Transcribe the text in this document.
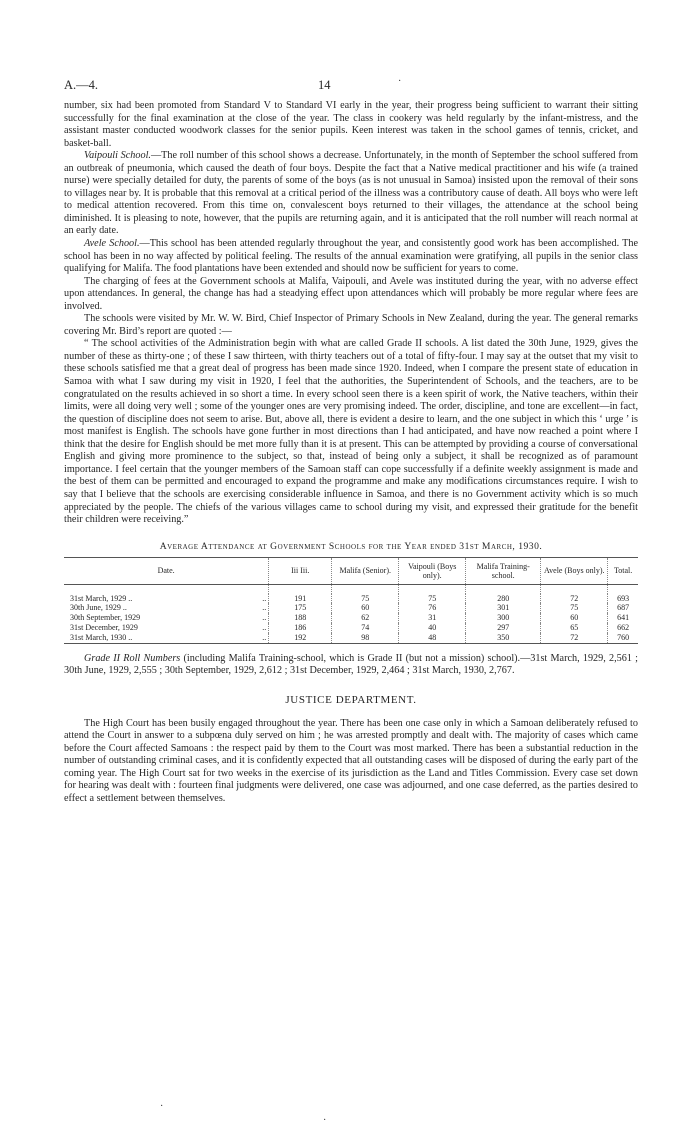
A.—4.	14

number, six had been promoted from Standard V to Standard VI early in the year, their progress being sufficient to warrant their sitting successfully for the final examination at the close of the year. The class in cookery was held regularly by the infant-mistress, and the assistant master conducted woodwork classes for the senior pupils. Keen interest was taken in the school games of tennis, cricket, and basket-ball.

Vaipouli School.—The roll number of this school shows a decrease. Unfortunately, in the month of September the school suffered from an outbreak of pneumonia, which caused the death of four boys. Despite the fact that a Native medical practitioner and his wife (a trained nurse) were specially detailed for duty, the parents of some of the boys (as is not unusual in Samoa) insisted upon the removal of their sons to villages near by. It is probable that this removal at a critical period of the illness was a contributory cause of death. All boys who were left to medical attention recovered. From this time on, convalescent boys returned to their villages, the attendance at the school being diminished. It is pleasing to note, however, that the pupils are returning again, and it is anticipated that the roll number will reach normal at an early date.

Avele School.—This school has been attended regularly throughout the year, and consistently good work has been accomplished. The school has been in no way affected by political feeling. The results of the annual examination were gratifying, all pupils in the senior class qualifying for Malifa. The food plantations have been extended and should now be sufficient for years to come.

The charging of fees at the Government schools at Malifa, Vaipouli, and Avele was instituted during the year, with no adverse effect upon attendances. In general, the change has had a steadying effect upon attendances which will probably be more regular where fees are involved.

The schools were visited by Mr. W. W. Bird, Chief Inspector of Primary Schools in New Zealand, during the year. The general remarks covering Mr. Bird’s report are quoted :—

“ The school activities of the Administration begin with what are called Grade II schools. A list dated the 30th June, 1929, gives the number of these as thirty-one ; of these I saw thirteen, with thirty teachers out of a total of fifty-four. I may say at the outset that my visit to these schools satisfied me that a great deal of progress has been made since 1920. Indeed, when I compare the present state of education in Samoa with what I saw during my visit in 1920, I feel that the authorities, the Superintendent of Schools, and the teachers, are to be congratulated on the results achieved in so short a time. In every school seen there is a keen spirit of work, the Native teachers, within their limits, were all doing very well ; some of the younger ones are very promising indeed. The order, discipline, and tone are excellent—in fact, the question of discipline does not seem to arise. But, above all, there is evident a desire to learn, and the one subject in which this ‘ urge ’ is most manifest is English. The schools have gone further in most directions than I had anticipated, and have now reached a point where I think that the desire for English should be met more fully than it is at present. This can be attempted by providing a course of conversational English and giving more prominence to the subject, so that, instead of being only a subject, it shall be recognized as of paramount importance. I feel certain that the younger members of the Samoan staff can cope successfully if a definite weekly assignment is made and the best of them can be permitted and encouraged to expand the programme and make any modifications circumstances require. I wish to say that I believe that the schools are exercising considerable influence in Samoa, and there is no Government activity which is so much appreciated by the people. The chiefs of the various villages came to school during my visit, and expressed their gratitude for the benefit their children were receiving.”

Average Attendance at Government Schools for the Year ended 31st March, 1930.
Date.		Iii Iii.	Malifa (Senior).	Vaipouli (Boys only).	Malifa Training-school.	Avele (Boys only).	Total.

31st March, 1929 ..	..	191	75	75	280	72	693
30th June, 1929 ..	..	175	60	76	301	75	687
30th September, 1929	..	188	62	31	300	60	641
31st December, 1929	..	186	74	40	297	65	662
31st March, 1930 ..	..	192	98	48	350	72	760

Grade II Roll Numbers (including Malifa Training-school, which is Grade II (but not a mission) school).—31st March, 1929, 2,561 ; 30th June, 1929, 2,555 ; 30th September, 1929, 2,612 ; 31st December, 1929, 2,464 ; 31st March, 1930, 2,767.

JUSTICE DEPARTMENT.

The High Court has been busily engaged throughout the year. There has been one case only in which a Samoan deliberately refused to attend the Court in answer to a subpœna duly served on him ; he was arrested promptly and dealt with. The majority of cases which came before the Court affected Samoans : the respect paid by them to the Court was most marked. There has been a substantial reduction in the number of outstanding criminal cases, and it is confidently expected that all outstanding cases will be disposed of during the early part of the coming year. The High Court sat for two weeks in the exercise of its jurisdiction as the Land and Titles Commission. Every case set down for hearing was dealt with : fourteen final judgments were delivered, one case was adjourned, and one case deferred, as the parties desired to effect a settlement between themselves.

·
·
·
